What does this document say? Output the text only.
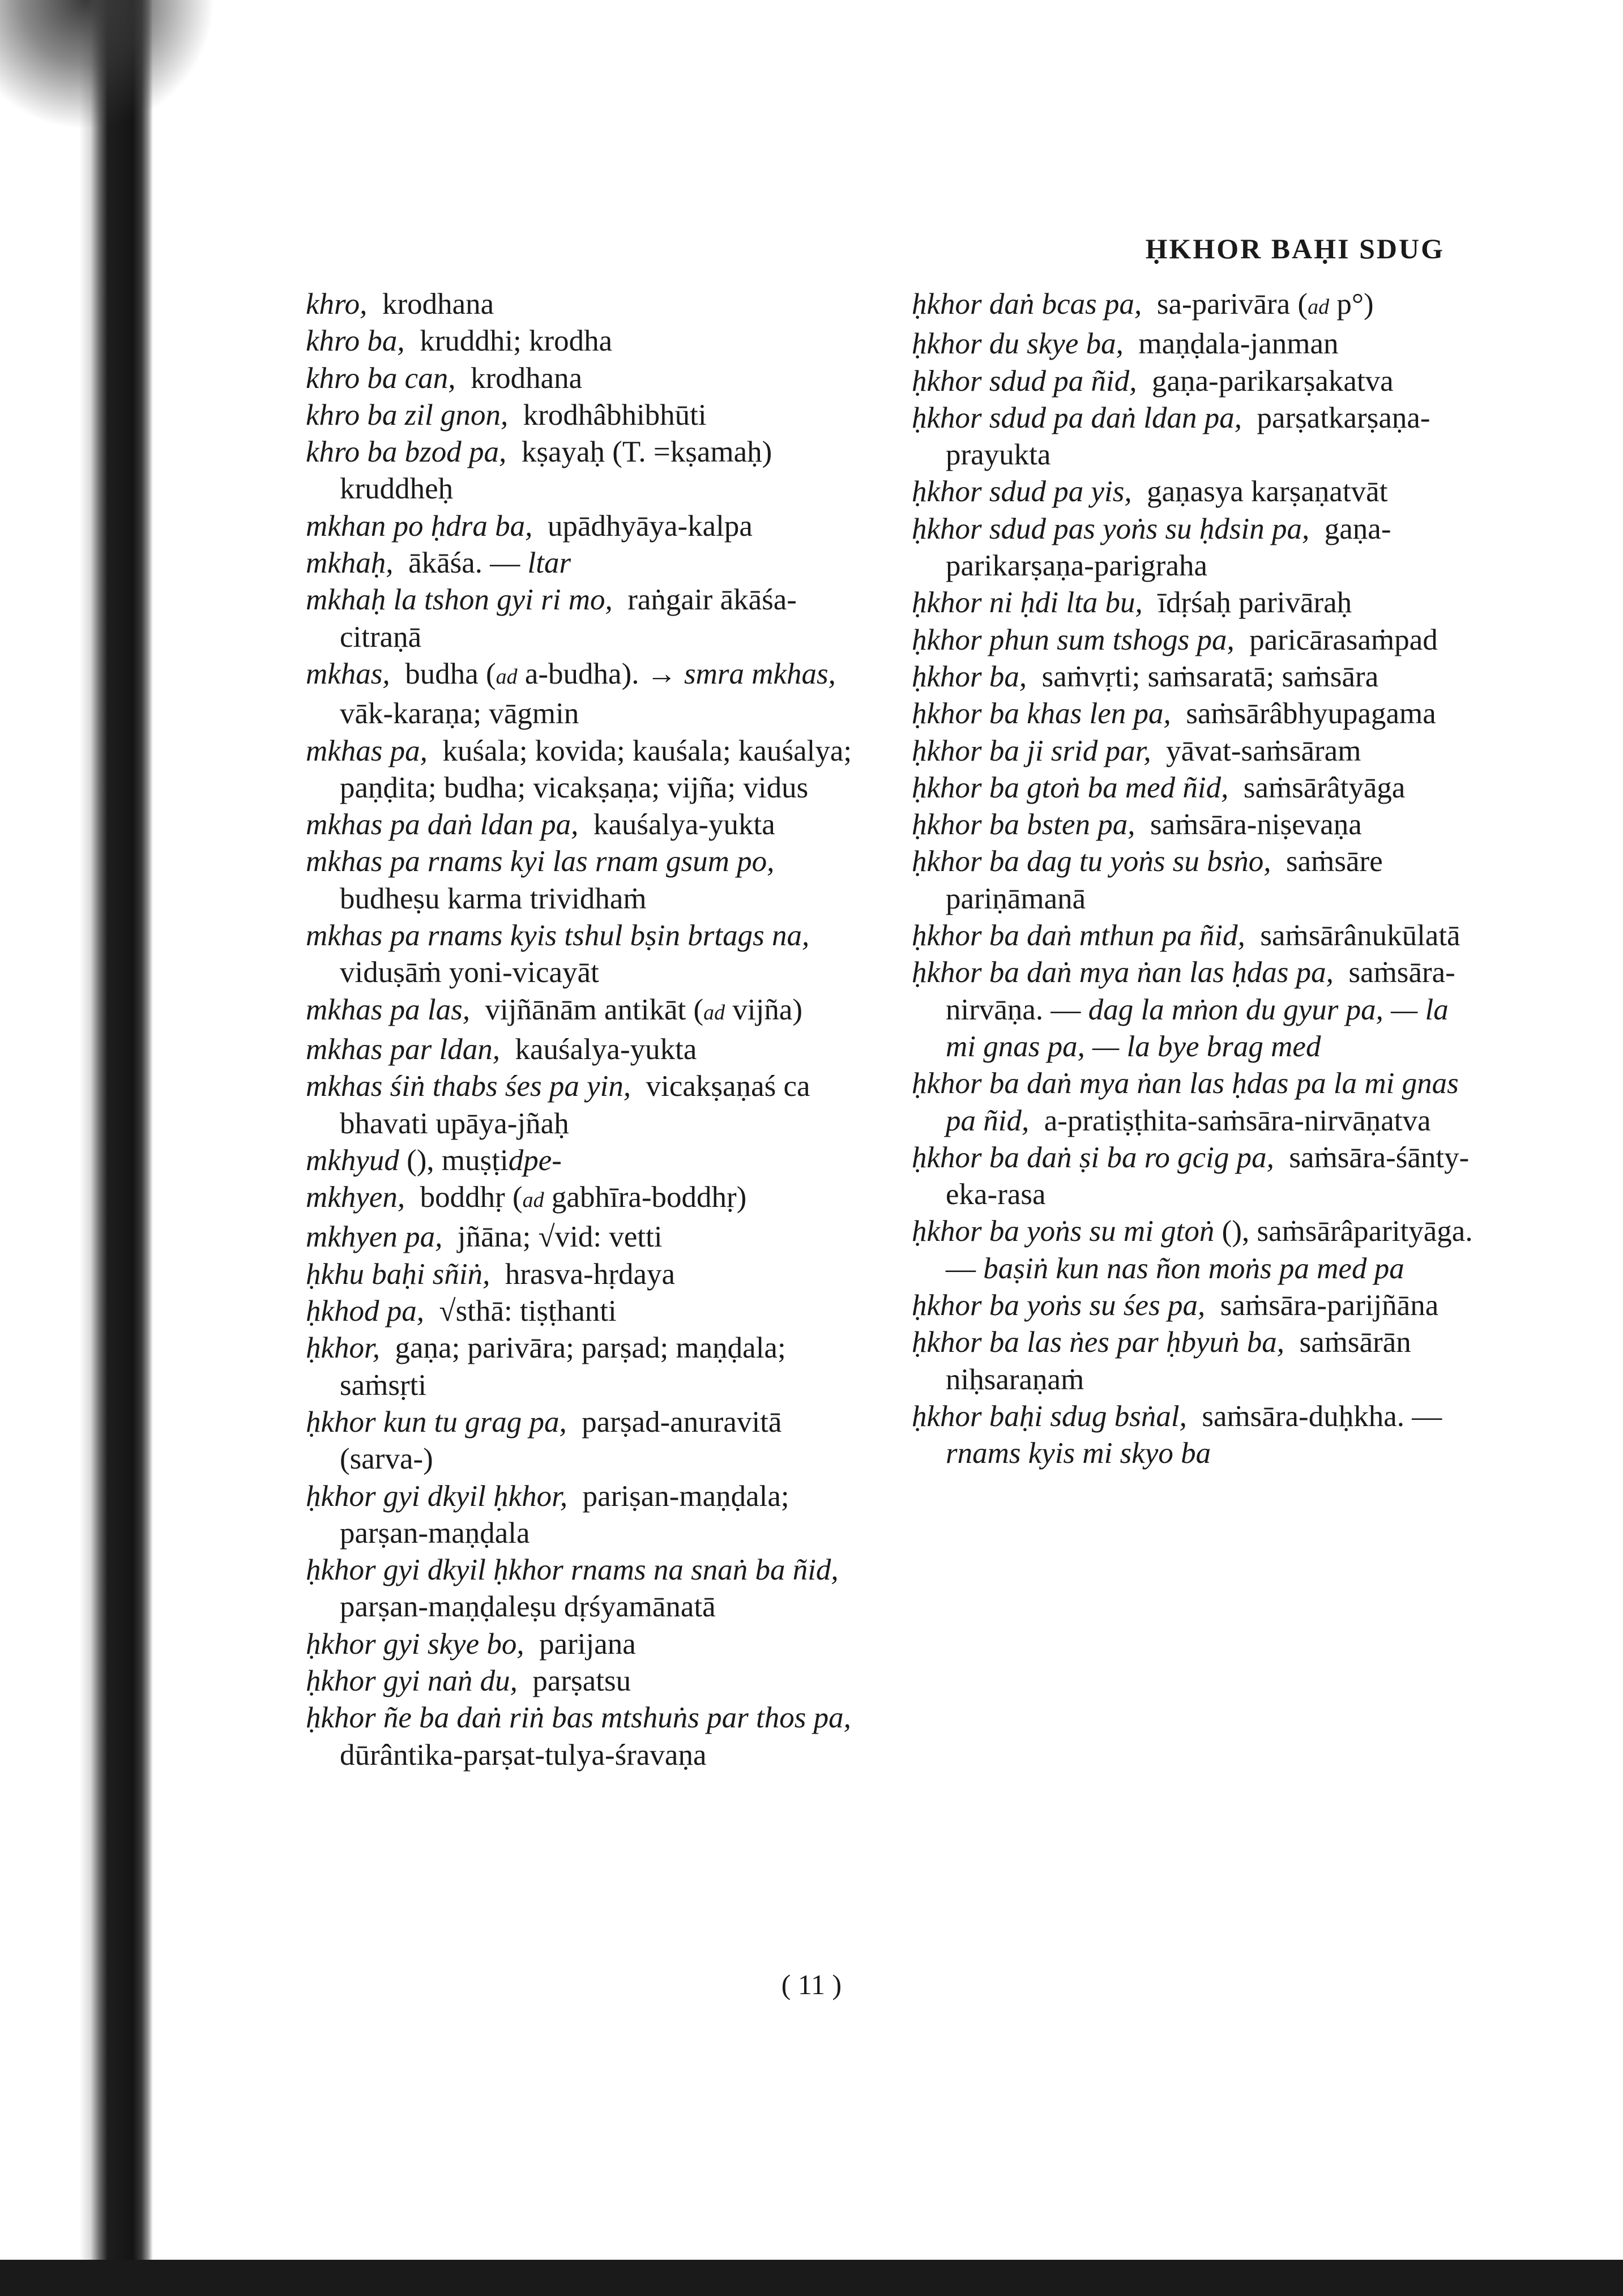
ḤKHOR BAḤI SDUG

khro, krodhana

khro ba, kruddhi; krodha

khro ba can, krodhana

khro ba zil gnon, krodhâbhibhūti

khro ba bzod pa, kṣayaḥ (T. =kṣamaḥ) kruddheḥ

mkhan po ḥdra ba, upādhyāya-kalpa

mkhaḥ, ākāśa. — ltar

mkhaḥ la tshon gyi ri mo, raṅgair ākāśa-citraṇā

mkhas, budha (ad a-budha). → smra mkhas, vāk-karaṇa; vāgmin

mkhas pa, kuśala; kovida; kauśala; kauśalya; paṇḍita; budha; vicakṣaṇa; vijña; vidus

mkhas pa daṅ ldan pa, kauśalya-yukta

mkhas pa rnams kyi las rnam gsum po, budheṣu karma trividhaṁ

mkhas pa rnams kyis tshul bṣin brtags na, viduṣāṁ yoni-vicayāt

mkhas pa las, vijñānām antikāt (ad vijña)

mkhas par ldan, kauśalya-yukta

mkhas śiṅ thabs śes pa yin, vicakṣaṇaś ca bhavati upāya-jñaḥ

mkhyud (), muṣṭidpe-

mkhyen, boddhṛ (ad gabhīra-boddhṛ)

mkhyen pa, jñāna; √vid: vetti

ḥkhu baḥi sñiṅ, hrasva-hṛdaya

ḥkhod pa, √sthā: tiṣṭhanti

ḥkhor, gaṇa; parivāra; parṣad; maṇḍala; saṁsṛti

ḥkhor kun tu grag pa, parṣad-anuravitā (sarva-)

ḥkhor gyi dkyil ḥkhor, pariṣan-maṇḍala; parṣan-maṇḍala

ḥkhor gyi dkyil ḥkhor rnams na snaṅ ba ñid, parṣan-maṇḍaleṣu dṛśyamānatā

ḥkhor gyi skye bo, parijana

ḥkhor gyi naṅ du, parṣatsu

ḥkhor ñe ba daṅ riṅ bas mtshuṅs par thos pa, dūrântika-parṣat-tulya-śravaṇa

ḥkhor daṅ bcas pa, sa-parivāra (ad p°)

ḥkhor du skye ba, maṇḍala-janman

ḥkhor sdud pa ñid, gaṇa-parikarṣakatva

ḥkhor sdud pa daṅ ldan pa, parṣatkarṣaṇa-prayukta

ḥkhor sdud pa yis, gaṇasya karṣaṇatvāt

ḥkhor sdud pas yoṅs su ḥdsin pa, gaṇa-parikarṣaṇa-parigraha

ḥkhor ni ḥdi lta bu, īdṛśaḥ parivāraḥ

ḥkhor phun sum tshogs pa, paricārasaṁpad

ḥkhor ba, saṁvṛti; saṁsaratā; saṁsāra

ḥkhor ba khas len pa, saṁsārâbhyupagama

ḥkhor ba ji srid par, yāvat-saṁsāram

ḥkhor ba gtoṅ ba med ñid, saṁsārâtyāga

ḥkhor ba bsten pa, saṁsāra-niṣevaṇa

ḥkhor ba dag tu yoṅs su bsṅo, saṁsāre pariṇāmanā

ḥkhor ba daṅ mthun pa ñid, saṁsārânukūlatā

ḥkhor ba daṅ mya ṅan las ḥdas pa, saṁsāra-nirvāṇa. — dag la mṅon du gyur pa, — la mi gnas pa, — la bye brag med

ḥkhor ba daṅ mya ṅan las ḥdas pa la mi gnas pa ñid, a-pratiṣṭhita-saṁsāra-nirvāṇatva

ḥkhor ba daṅ ṣi ba ro gcig pa, saṁsāra-śānty-eka-rasa

ḥkhor ba yoṅs su mi gtoṅ (), saṁsārâparityāga. — baṣiṅ kun nas ñon moṅs pa med pa

ḥkhor ba yoṅs su śes pa, saṁsāra-parijñāna

ḥkhor ba las ṅes par ḥbyuṅ ba, saṁsārān niḥsaraṇaṁ

ḥkhor baḥi sdug bsṅal, saṁsāra-duḥkha. — rnams kyis mi skyo ba

( 11 )
